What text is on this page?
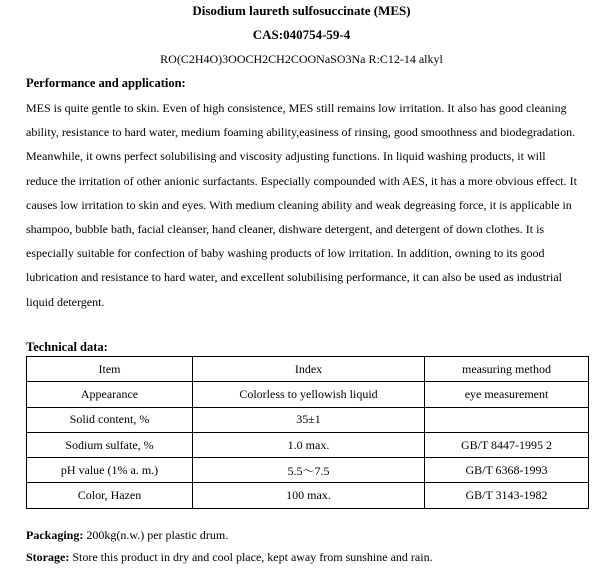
Disodium laureth sulfosuccinate (MES)
CAS:040754-59-4
RO(C2H4O)3OOCH2CH2COONaSO3Na R:C12-14 alkyl
Performance and application:
MES is quite gentle to skin. Even of high consistence, MES still remains low irritation. It also has good cleaning
ability, resistance to hard water, medium foaming ability,easiness of rinsing, good smoothness and biodegradation.
Meanwhile, it owns perfect solubilising and viscosity adjusting functions. In liquid washing products, it will
reduce the irritation of other anionic surfactants. Especially compounded with AES, it has a more obvious effect. It
causes low irritation to skin and eyes. With medium cleaning ability and weak degreasing force, it is applicable in
shampoo, bubble bath, facial cleanser, hand cleaner, dishware detergent, and detergent of down clothes. It is
especially suitable for confection of baby washing products of low irritation. In addition, owning to its good
lubrication and resistance to hard water, and excellent solubilising performance, it can also be used as industrial
liquid detergent.
Technical data:
Item	Index	measuring method
Appearance	Colorless to yellowish liquid	eye measurement
Solid content, %	35±1	
Sodium sulfate, %	1.0 max.	GB/T 8447-1995 2
pH value (1% a. m.)	5.5～7.5	GB/T 6368-1993
Color, Hazen	100 max.	GB/T 3143-1982
Packaging: 200kg(n.w.) per plastic drum.
Storage: Store this product in dry and cool place, kept away from sunshine and rain.
